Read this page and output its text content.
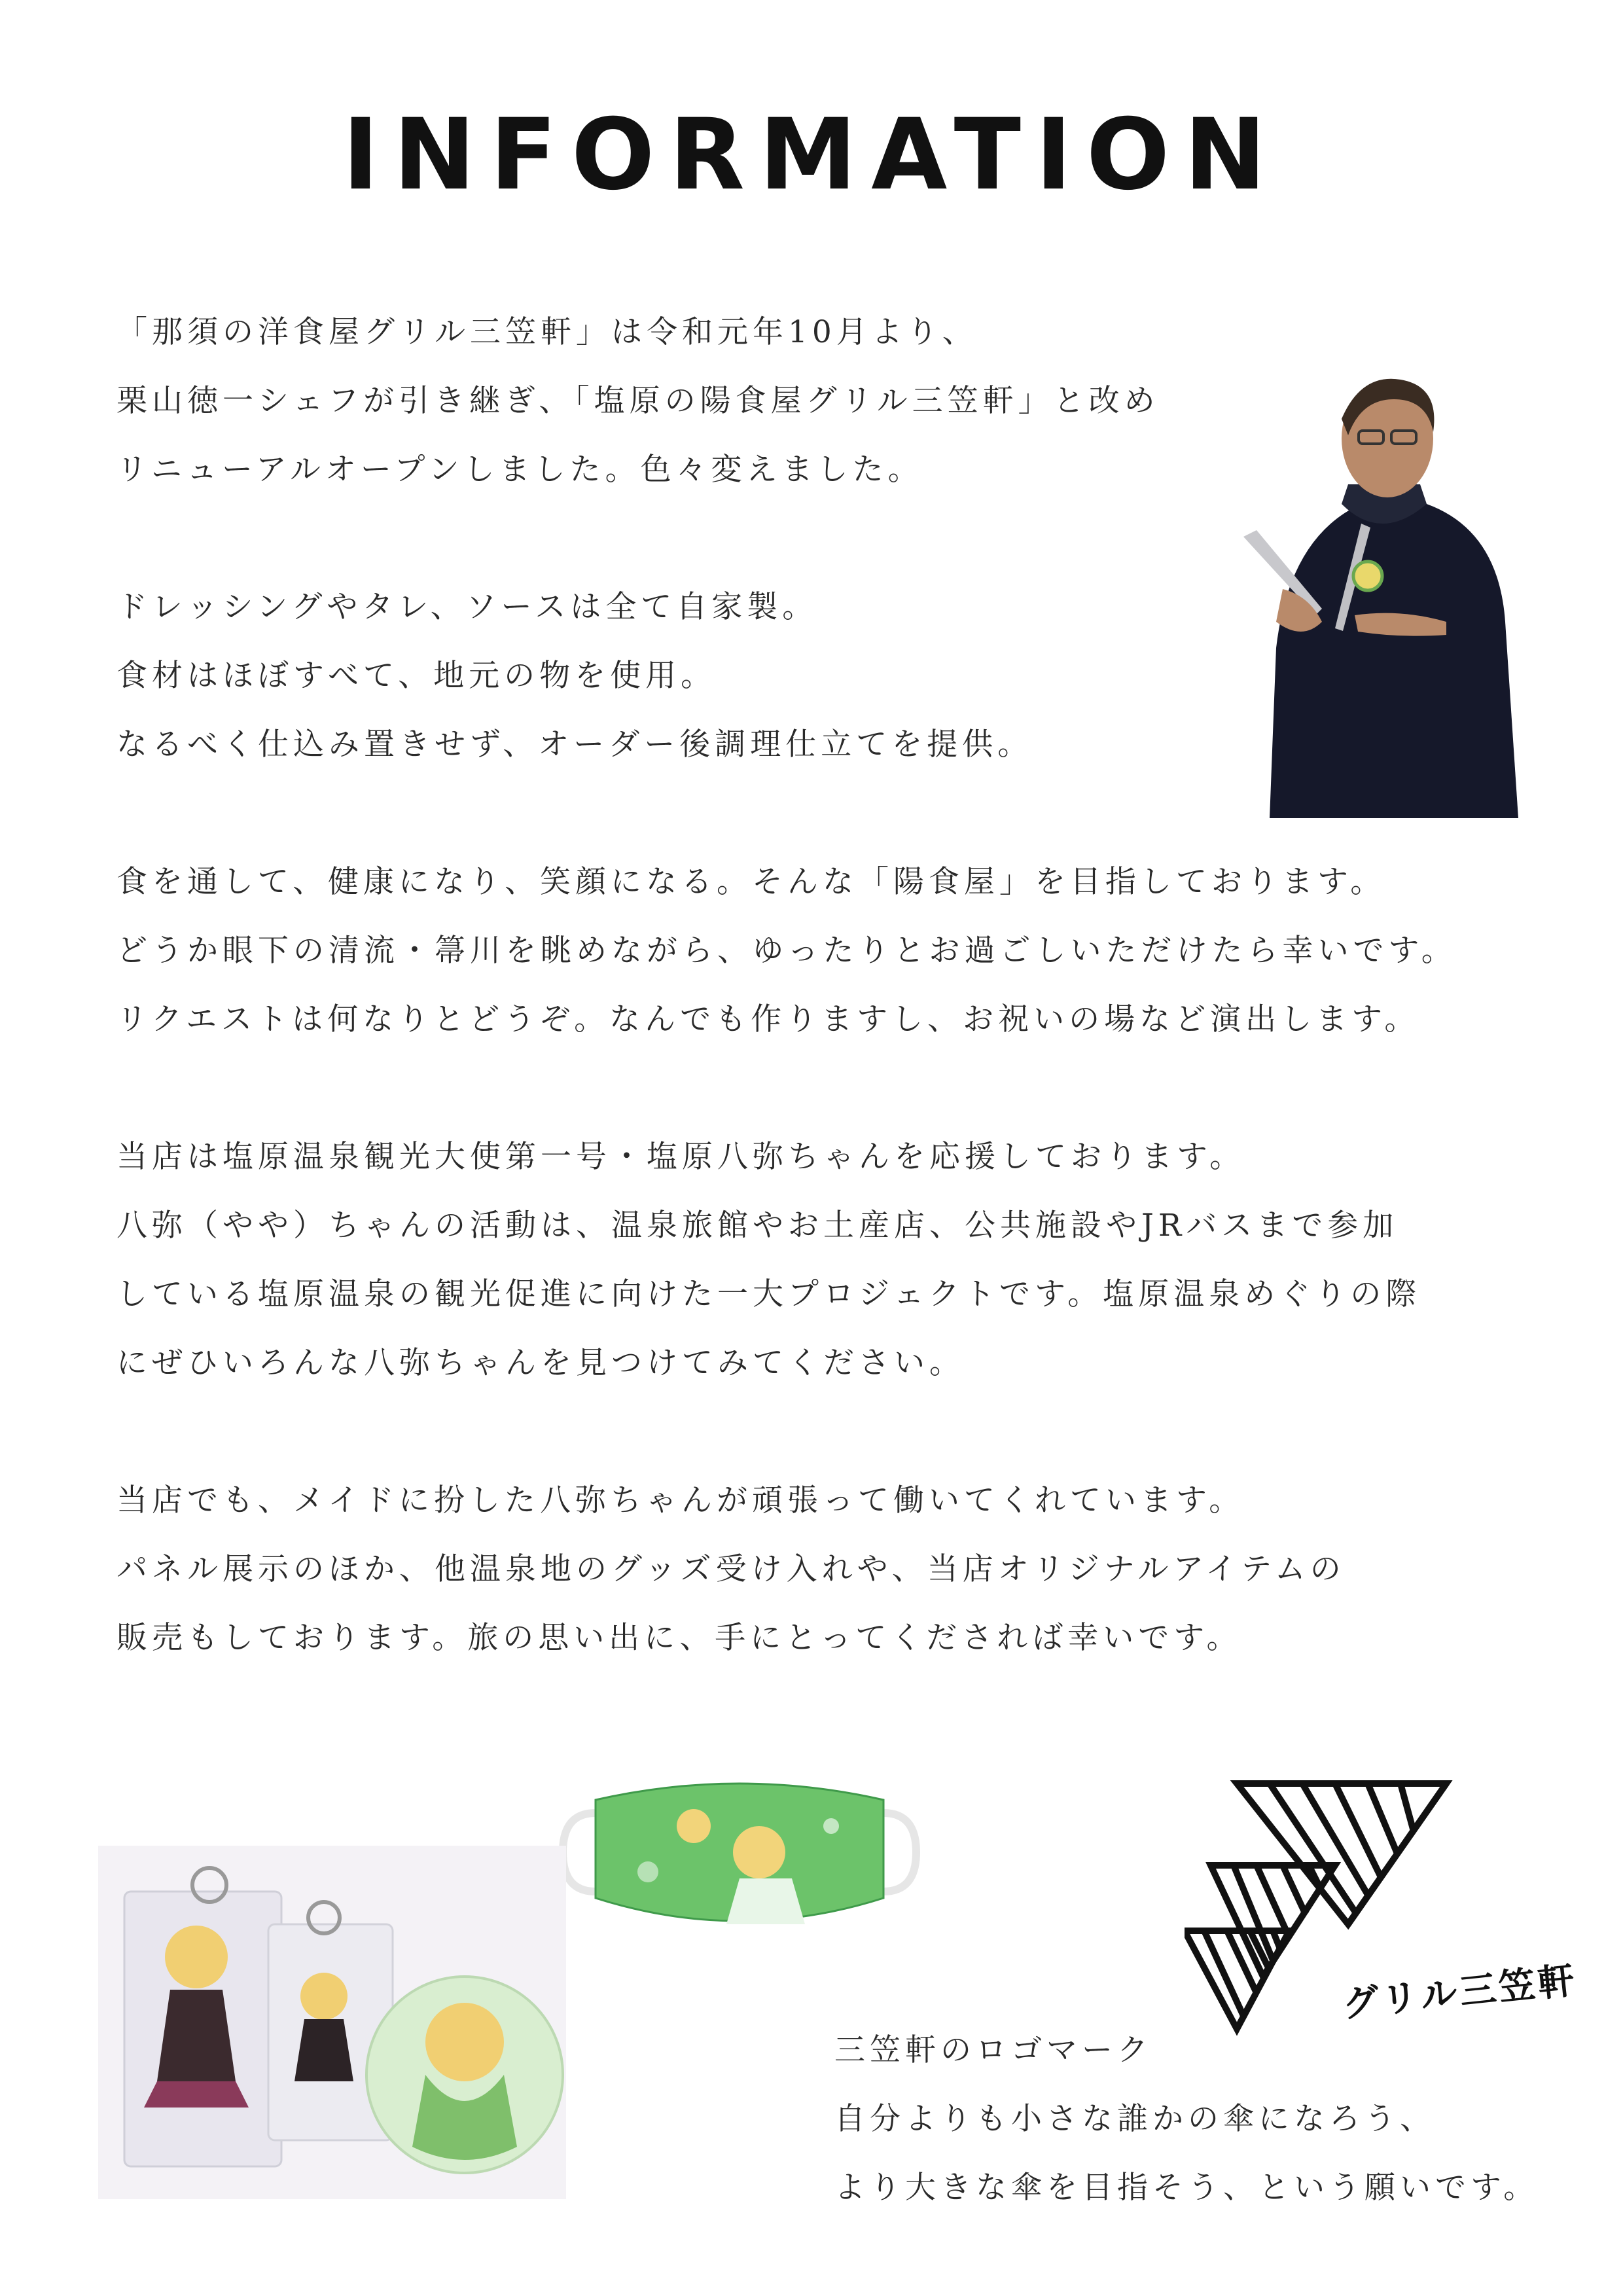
INFORMATION
「那須の洋食屋グリル三笠軒」は令和元年10月より、
栗山徳一シェフが引き継ぎ、「塩原の陽食屋グリル三笠軒」と改め
リニューアルオープンしました。色々変えました。
ドレッシングやタレ、ソースは全て自家製。
食材はほぼすべて、地元の物を使用。
なるべく仕込み置きせず、オーダー後調理仕立てを提供。
食を通して、健康になり、笑顔になる。そんな「陽食屋」を目指しております。
どうか眼下の清流・箒川を眺めながら、ゆったりとお過ごしいただけたら幸いです。
リクエストは何なりとどうぞ。なんでも作りますし、お祝いの場など演出します。
当店は塩原温泉観光大使第一号・塩原八弥ちゃんを応援しております。
八弥（やや）ちゃんの活動は、温泉旅館やお土産店、公共施設やJRバスまで参加
している塩原温泉の観光促進に向けた一大プロジェクトです。塩原温泉めぐりの際
にぜひいろんな八弥ちゃんを見つけてみてください。
当店でも、メイドに扮した八弥ちゃんが頑張って働いてくれています。
パネル展示のほか、他温泉地のグッズ受け入れや、当店オリジナルアイテムの
販売もしております。旅の思い出に、手にとってくだされば幸いです。
グリル三笠軒
三笠軒のロゴマーク
自分よりも小さな誰かの傘になろう、
より大きな傘を目指そう、という願いです。
